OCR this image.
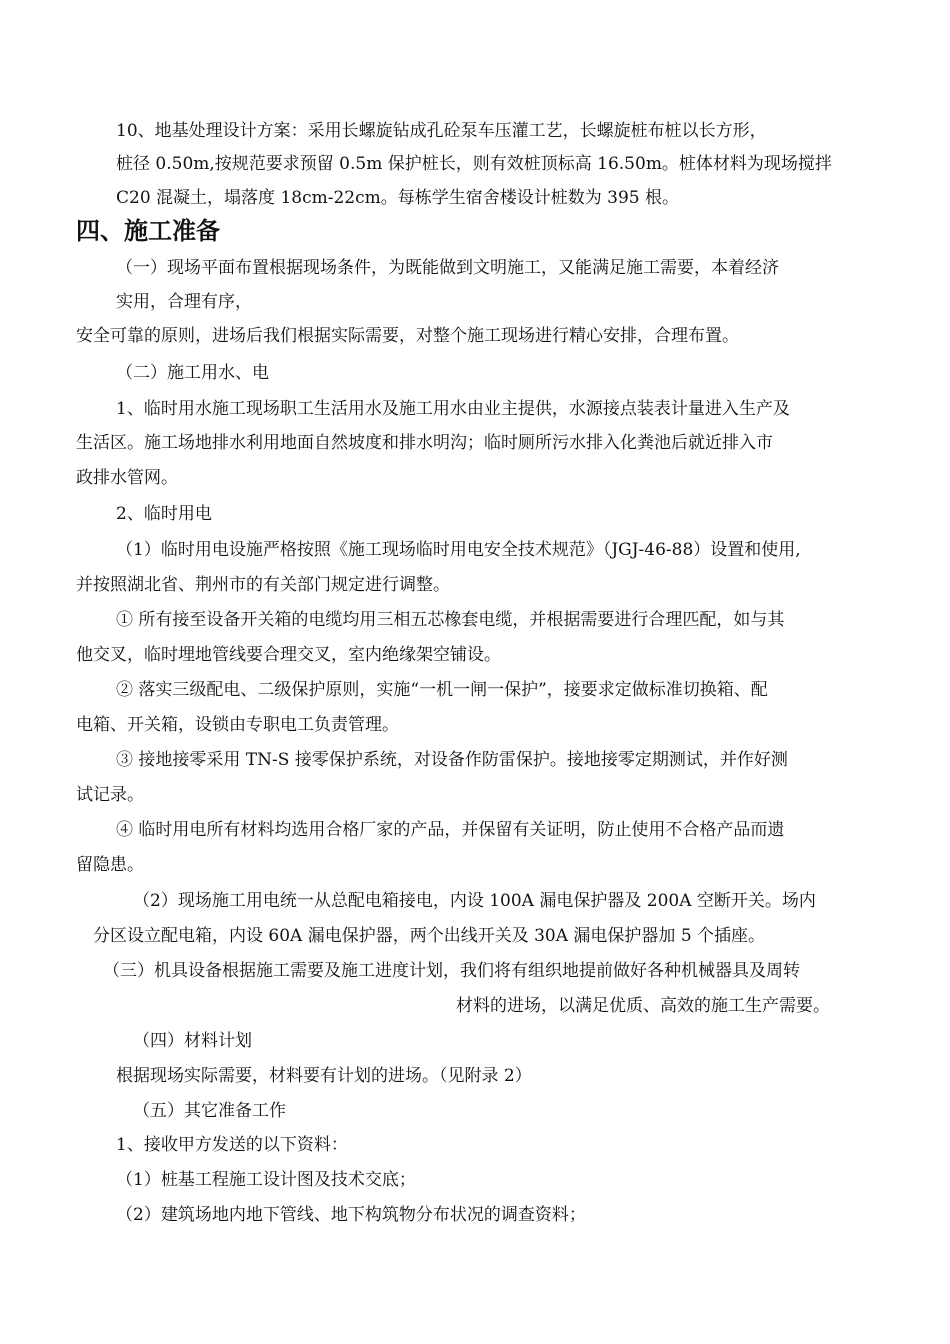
10、地基处理设计方案：采用长螺旋钻成孔砼泵车压灌工艺，长螺旋桩布桩以长方形，
桩径 0.50m,按规范要求预留 0.5m 保护桩长，则有效桩顶标高 16.50m。桩体材料为现场搅拌
C20 混凝土，塌落度 18cm-22cm。每栋学生宿舍楼设计桩数为 395 根。
四、施工准备
（一）现场平面布置根据现场条件，为既能做到文明施工，又能满足施工需要，本着经济
实用，合理有序，
安全可靠的原则，进场后我们根据实际需要，对整个施工现场进行精心安排，合理布置。
（二）施工用水、电
1、临时用水施工现场职工生活用水及施工用水由业主提供，水源接点装表计量进入生产及
生活区。施工场地排水利用地面自然坡度和排水明沟；临时厕所污水排入化粪池后就近排入市
政排水管网。
2、临时用电
（1）临时用电设施严格按照《施工现场临时用电安全技术规范》（JGJ-46-88）设置和使用,
并按照湖北省、荆州市的有关部门规定进行调整。
① 所有接至设备开关箱的电缆均用三相五芯橡套电缆，并根据需要进行合理匹配，如与其
他交叉，临时埋地管线要合理交叉，室内绝缘架空铺设。
② 落实三级配电、二级保护原则，实施“一机一闸一保护”，接要求定做标准切换箱、配
电箱、开关箱，设锁由专职电工负责管理。
③ 接地接零采用 TN-S 接零保护系统，对设备作防雷保护。接地接零定期测试，并作好测
试记录。
④ 临时用电所有材料均选用合格厂家的产品，并保留有关证明，防止使用不合格产品而遗
留隐患。
（2）现场施工用电统一从总配电箱接电，内设 100A 漏电保护器及 200A 空断开关。场内
分区设立配电箱，内设 60A 漏电保护器，两个出线开关及 30A 漏电保护器加 5 个插座。
（三）机具设备根据施工需要及施工进度计划，我们将有组织地提前做好各种机械器具及周转
材料的进场，以满足优质、高效的施工生产需要。
（四）材料计划
根据现场实际需要，材料要有计划的进场。（见附录 2）
（五）其它准备工作
1、接收甲方发送的以下资料：
（1）桩基工程施工设计图及技术交底；
（2）建筑场地内地下管线、地下构筑物分布状况的调查资料；
